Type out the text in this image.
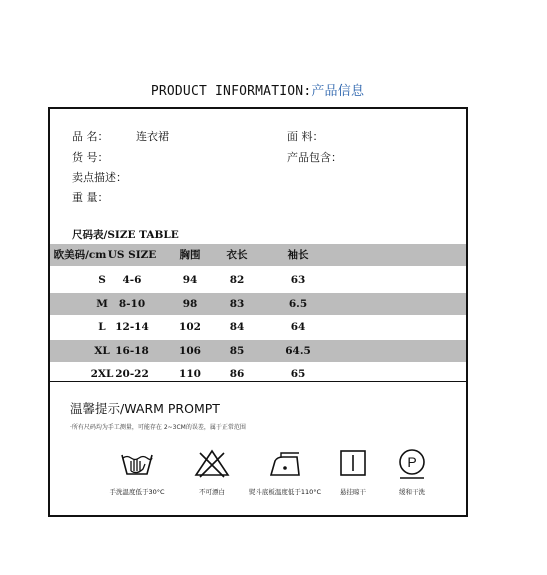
PRODUCT INFORMATION:产品信息
品 名：	连衣裙	面 料：
货 号：	产品包含：
卖点描述：
重 量：
尺码表/SIZE TABLE
欧美码/cm US SIZE	胸围	衣长	袖长
S	4-6	94	82	63
M	8-10	98	83	6.5
L 12-14	102	84	64
XL 16-18	106	85	64.5
2XL 20-22	110	86	65
温馨提示/WARM PROMPT
·所有尺码均为手工测量，可能存在 2~3CM的误差，属于正常范围
手洗温度低于30°C	不可漂白	熨斗底板温度低于110°C	悬挂晾干
P
缓和干洗
